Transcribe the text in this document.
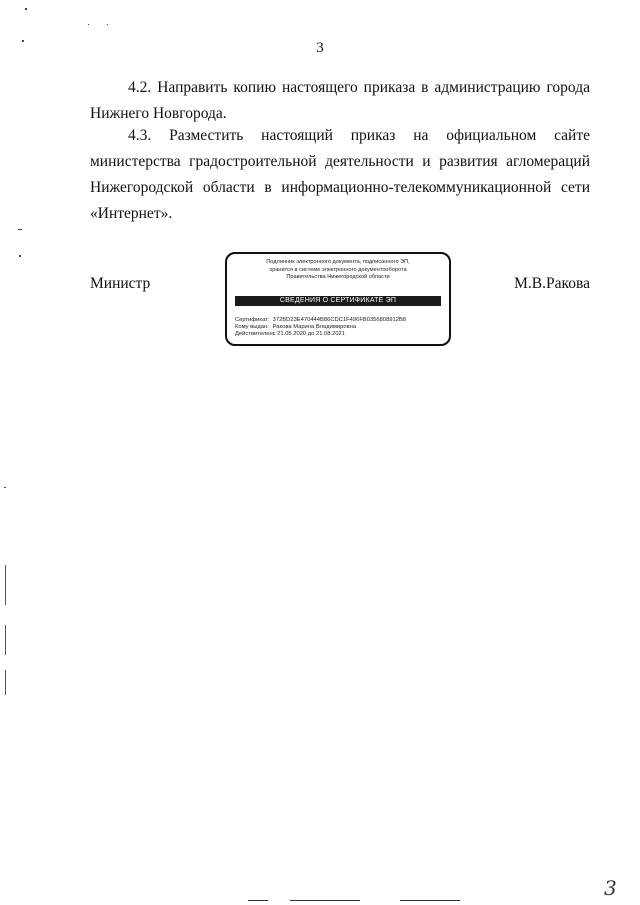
3

4.2. Направить копию настоящего приказа в администрацию города Нижнего Новгорода.

4.3. Разместить настоящий приказ на официальном сайте министерства градостроительной деятельности и развития агломераций Нижегородской области в информационно-телекоммуникационной сети «Интернет».

Министр	М.В.Ракова
Подлинник электронного документа, подписанного ЭП,
хранится в системе электронного документооборота
Правительства Нижегородской области
СВЕДЕНИЯ О СЕРТИФИКАТЕ ЭП
Сертификат: 372BD23E470444B86CDC1F496FB0356808912B8
Кому выдан: Ракова Марина Владимировна
Действителен: с 21.05.2020 до 21.08.2021
3
